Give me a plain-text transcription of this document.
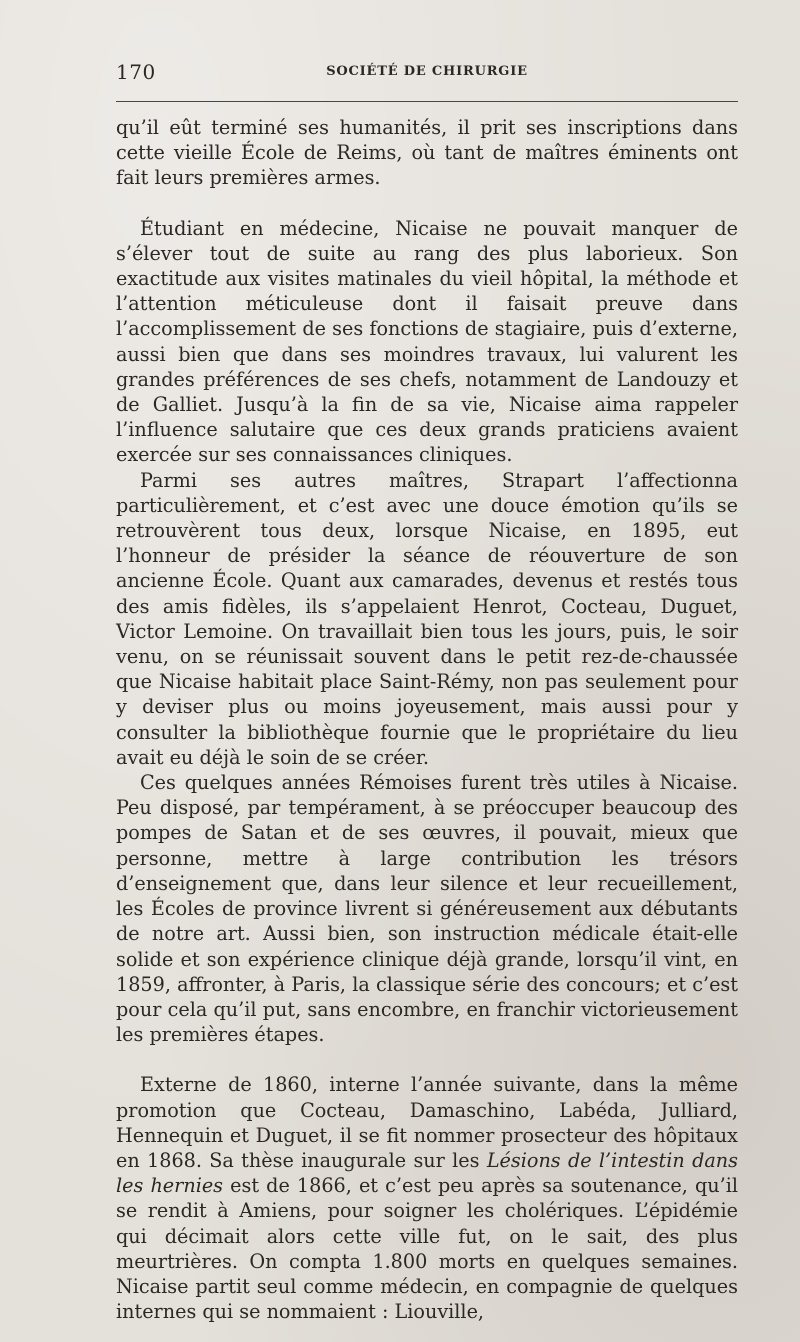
170	SOCIÉTÉ DE CHIRURGIE

qu’il eût terminé ses humanités, il prit ses inscriptions dans cette vieille École de Reims, où tant de maîtres éminents ont fait leurs premières armes.

Étudiant en médecine, Nicaise ne pouvait manquer de s’élever tout de suite au rang des plus laborieux. Son exactitude aux visites matinales du vieil hôpital, la méthode et l’attention méticuleuse dont il faisait preuve dans l’accomplissement de ses fonctions de stagiaire, puis d’externe, aussi bien que dans ses moindres travaux, lui valurent les grandes préférences de ses chefs, notamment de Landouzy et de Galliet. Jusqu’à la fin de sa vie, Nicaise aima rappeler l’influence salutaire que ces deux grands praticiens avaient exercée sur ses connaissances cliniques.

Parmi ses autres maîtres, Strapart l’affectionna particulièrement, et c’est avec une douce émotion qu’ils se retrouvèrent tous deux, lorsque Nicaise, en 1895, eut l’honneur de présider la séance de réouverture de son ancienne École. Quant aux camarades, devenus et restés tous des amis fidèles, ils s’appelaient Henrot, Cocteau, Duguet, Victor Lemoine. On travaillait bien tous les jours, puis, le soir venu, on se réunissait souvent dans le petit rez-de-chaussée que Nicaise habitait place Saint-Rémy, non pas seulement pour y deviser plus ou moins joyeusement, mais aussi pour y consulter la bibliothèque fournie que le propriétaire du lieu avait eu déjà le soin de se créer.

Ces quelques années Rémoises furent très utiles à Nicaise. Peu disposé, par tempérament, à se préoccuper beaucoup des pompes de Satan et de ses œuvres, il pouvait, mieux que personne, mettre à large contribution les trésors d’enseignement que, dans leur silence et leur recueillement, les Écoles de province livrent si généreusement aux débutants de notre art. Aussi bien, son instruction médicale était-elle solide et son expérience clinique déjà grande, lorsqu’il vint, en 1859, affronter, à Paris, la classique série des concours; et c’est pour cela qu’il put, sans encombre, en franchir victorieusement les premières étapes.

Externe de 1860, interne l’année suivante, dans la même promotion que Cocteau, Damaschino, Labéda, Julliard, Hennequin et Duguet, il se fit nommer prosecteur des hôpitaux en 1868. Sa thèse inaugurale sur les Lésions de l’intestin dans les hernies est de 1866, et c’est peu après sa soutenance, qu’il se rendit à Amiens, pour soigner les cholériques. L’épidémie qui décimait alors cette ville fut, on le sait, des plus meurtrières. On compta 1.800 morts en quelques semaines. Nicaise partit seul comme médecin, en compagnie de quelques internes qui se nommaient : Liouville,
